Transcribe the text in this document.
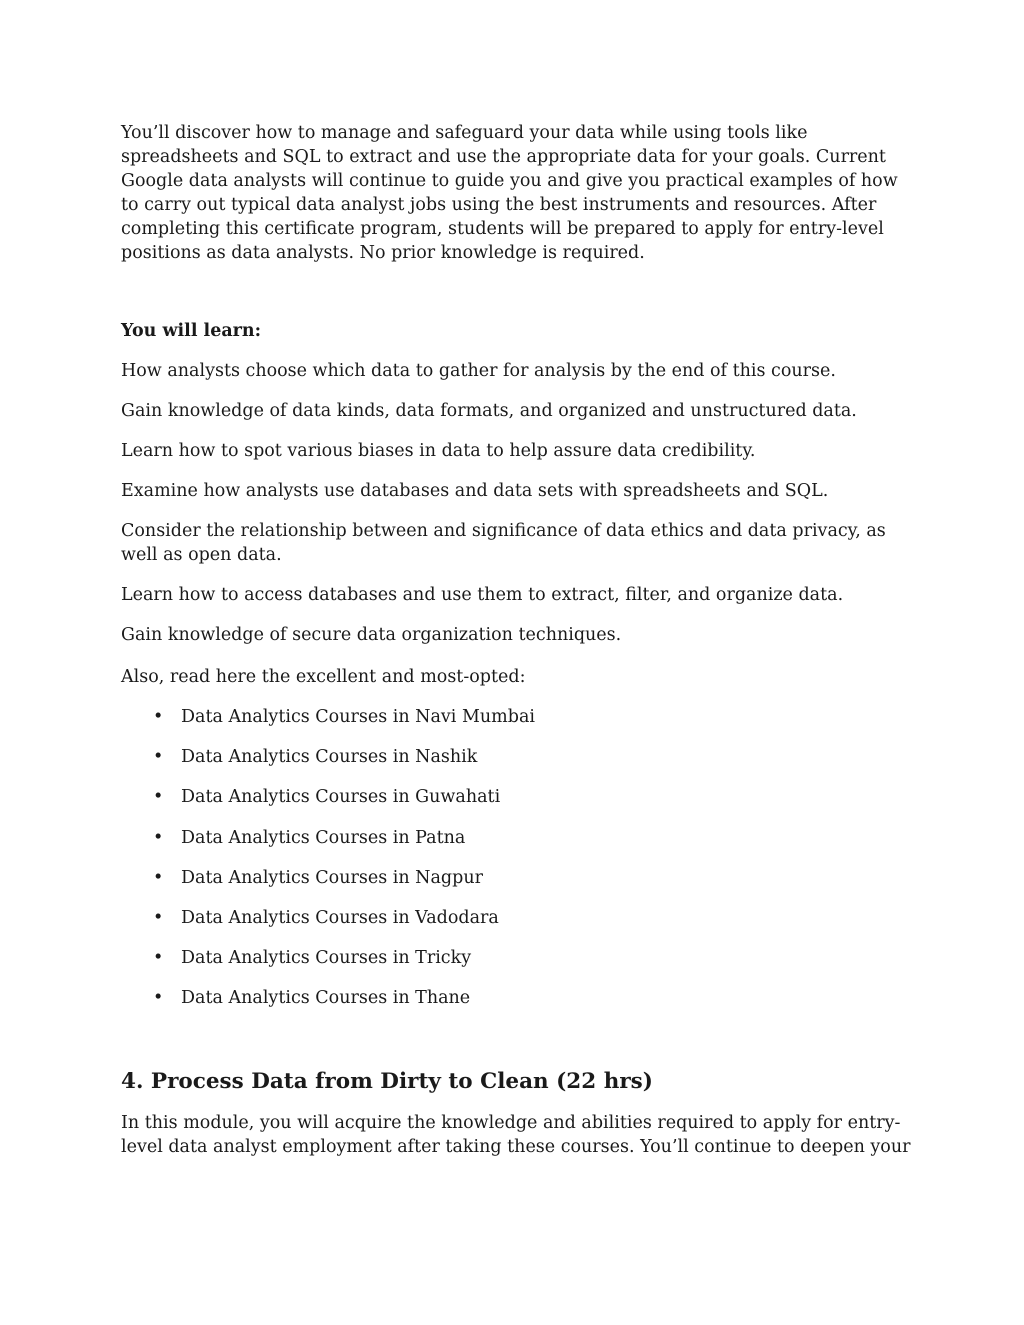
You’ll discover how to manage and safeguard your data while using tools like spreadsheets and SQL to extract and use the appropriate data for your goals. Current Google data analysts will continue to guide you and give you practical examples of how to carry out typical data analyst jobs using the best instruments and resources. After completing this certificate program, students will be prepared to apply for entry-level positions as data analysts. No prior knowledge is required.

You will learn:

How analysts choose which data to gather for analysis by the end of this course.
Gain knowledge of data kinds, data formats, and organized and unstructured data.
Learn how to spot various biases in data to help assure data credibility.
Examine how analysts use databases and data sets with spreadsheets and SQL.
Consider the relationship between and significance of data ethics and data privacy, as well as open data.
Learn how to access databases and use them to extract, filter, and organize data.
Gain knowledge of secure data organization techniques.

Also, read here the excellent and most-opted:

• Data Analytics Courses in Navi Mumbai
• Data Analytics Courses in Nashik
• Data Analytics Courses in Guwahati
• Data Analytics Courses in Patna
• Data Analytics Courses in Nagpur
• Data Analytics Courses in Vadodara
• Data Analytics Courses in Tricky
• Data Analytics Courses in Thane
4. Process Data from Dirty to Clean (22 hrs)

In this module, you will acquire the knowledge and abilities required to apply for entry-level data analyst employment after taking these courses. You’ll continue to deepen your
